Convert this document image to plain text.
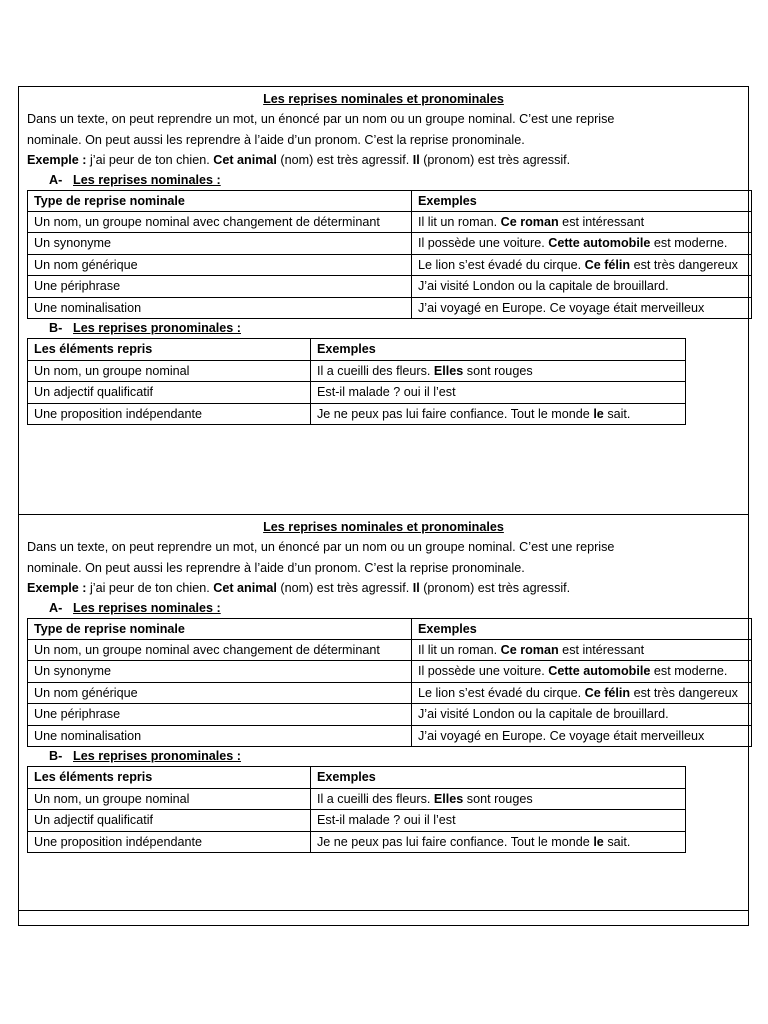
Les reprises nominales et pronominales

Dans un texte, on peut reprendre un mot, un énoncé par un nom ou un groupe nominal. C’est une reprise

nominale. On peut aussi les reprendre à l’aide d’un pronom. C’est la reprise pronominale.

Exemple : j’ai peur de ton chien. Cet animal (nom) est très agressif. Il (pronom) est très agressif.

A- Les reprises nominales :
Type de reprise nominale	Exemples
Un nom, un groupe nominal avec changement de déterminant	Il lit un roman. Ce roman est intéressant
Un synonyme	Il possède une voiture. Cette automobile est moderne.
Un nom générique	Le lion s’est évadé du cirque. Ce félin est très dangereux
Une périphrase	J’ai visité London ou la capitale de brouillard.
Une nominalisation	J’ai voyagé en Europe. Ce voyage était merveilleux
B- Les reprises pronominales :
Les éléments repris	Exemples
Un nom, un groupe nominal	Il a cueilli des fleurs. Elles sont rouges
Un adjectif qualificatif	Est-il malade ? oui il l’est
Une proposition indépendante	Je ne peux pas lui faire confiance. Tout le monde le sait.
Les reprises nominales et pronominales

Dans un texte, on peut reprendre un mot, un énoncé par un nom ou un groupe nominal. C’est une reprise

nominale. On peut aussi les reprendre à l’aide d’un pronom. C’est la reprise pronominale.

Exemple : j’ai peur de ton chien. Cet animal (nom) est très agressif. Il (pronom) est très agressif.

A- Les reprises nominales :
Type de reprise nominale	Exemples
Un nom, un groupe nominal avec changement de déterminant	Il lit un roman. Ce roman est intéressant
Un synonyme	Il possède une voiture. Cette automobile est moderne.
Un nom générique	Le lion s’est évadé du cirque. Ce félin est très dangereux
Une périphrase	J’ai visité London ou la capitale de brouillard.
Une nominalisation	J’ai voyagé en Europe. Ce voyage était merveilleux
B- Les reprises pronominales :
Les éléments repris	Exemples
Un nom, un groupe nominal	Il a cueilli des fleurs. Elles sont rouges
Un adjectif qualificatif	Est-il malade ? oui il l’est
Une proposition indépendante	Je ne peux pas lui faire confiance. Tout le monde le sait.
